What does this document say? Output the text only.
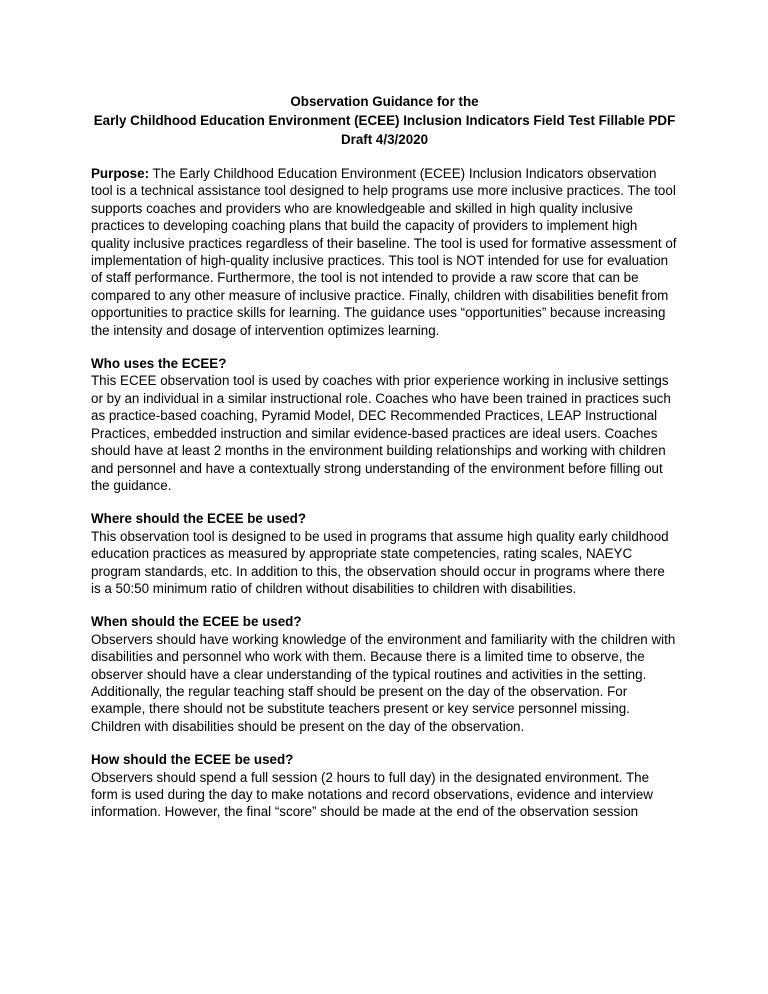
Observation Guidance for the
Early Childhood Education Environment (ECEE) Inclusion Indicators Field Test Fillable PDF
Draft 4/3/2020

Purpose: The Early Childhood Education Environment (ECEE) Inclusion Indicators observation tool is a technical assistance tool designed to help programs use more inclusive practices. The tool supports coaches and providers who are knowledgeable and skilled in high quality inclusive practices to developing coaching plans that build the capacity of providers to implement high quality inclusive practices regardless of their baseline. The tool is used for formative assessment of implementation of high-quality inclusive practices. This tool is NOT intended for use for evaluation of staff performance. Furthermore, the tool is not intended to provide a raw score that can be compared to any other measure of inclusive practice. Finally, children with disabilities benefit from opportunities to practice skills for learning. The guidance uses “opportunities” because increasing the intensity and dosage of intervention optimizes learning.

Who uses the ECEE?
This ECEE observation tool is used by coaches with prior experience working in inclusive settings or by an individual in a similar instructional role. Coaches who have been trained in practices such as practice-based coaching, Pyramid Model, DEC Recommended Practices, LEAP Instructional Practices, embedded instruction and similar evidence-based practices are ideal users. Coaches should have at least 2 months in the environment building relationships and working with children and personnel and have a contextually strong understanding of the environment before filling out the guidance.
Where should the ECEE be used?
This observation tool is designed to be used in programs that assume high quality early childhood education practices as measured by appropriate state competencies, rating scales, NAEYC program standards, etc. In addition to this, the observation should occur in programs where there is a 50:50 minimum ratio of children without disabilities to children with disabilities.
When should the ECEE be used?
Observers should have working knowledge of the environment and familiarity with the children with disabilities and personnel who work with them. Because there is a limited time to observe, the observer should have a clear understanding of the typical routines and activities in the setting. Additionally, the regular teaching staff should be present on the day of the observation. For example, there should not be substitute teachers present or key service personnel missing. Children with disabilities should be present on the day of the observation.
How should the ECEE be used?
Observers should spend a full session (2 hours to full day) in the designated environment. The form is used during the day to make notations and record observations, evidence and interview information. However, the final “score” should be made at the end of the observation session
